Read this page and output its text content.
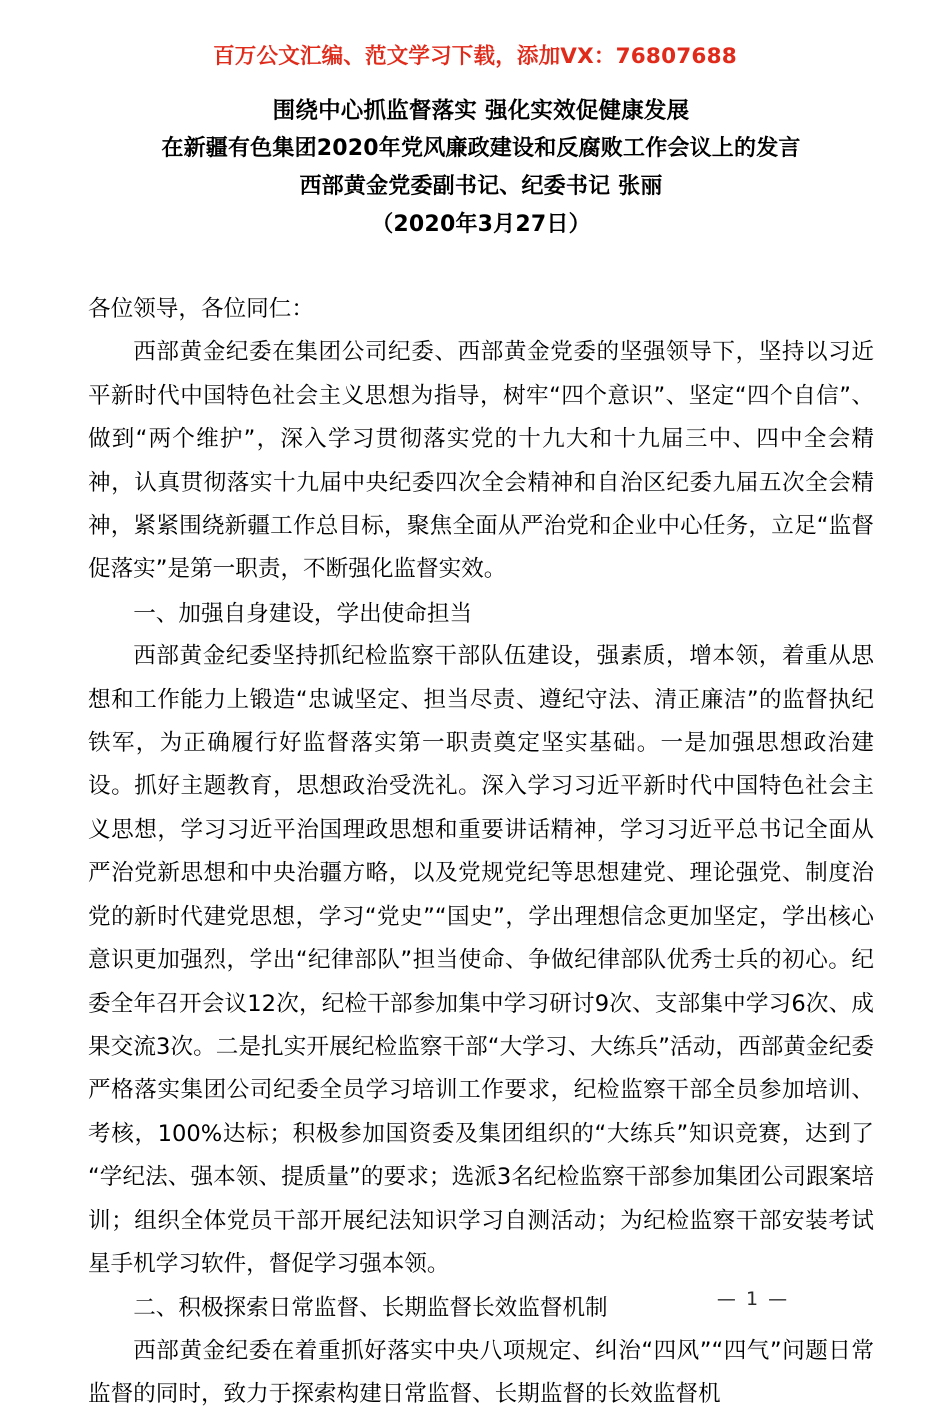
百万公文汇编、范文学习下载，添加VX：76807688
围绕中心抓监督落实 强化实效促健康发展
在新疆有色集团2020年党风廉政建设和反腐败工作会议上的发言
西部黄金党委副书记、纪委书记 张丽
（2020年3月27日）

各位领导，各位同仁：

西部黄金纪委在集团公司纪委、西部黄金党委的坚强领导下，坚持以习近平新时代中国特色社会主义思想为指导，树牢“四个意识”、坚定“四个自信”、做到“两个维护”，深入学习贯彻落实党的十九大和十九届三中、四中全会精神，认真贯彻落实十九届中央纪委四次全会精神和自治区纪委九届五次全会精神，紧紧围绕新疆工作总目标，聚焦全面从严治党和企业中心任务，立足“监督促落实”是第一职责，不断强化监督实效。

一、加强自身建设，学出使命担当

西部黄金纪委坚持抓纪检监察干部队伍建设，强素质，增本领，着重从思想和工作能力上锻造“忠诚坚定、担当尽责、遵纪守法、清正廉洁”的监督执纪铁军，为正确履行好监督落实第一职责奠定坚实基础。一是加强思想政治建设。抓好主题教育，思想政治受洗礼。深入学习习近平新时代中国特色社会主义思想，学习习近平治国理政思想和重要讲话精神，学习习近平总书记全面从严治党新思想和中央治疆方略，以及党规党纪等思想建党、理论强党、制度治党的新时代建党思想，学习“党史”“国史”，学出理想信念更加坚定，学出核心意识更加强烈，学出“纪律部队”担当使命、争做纪律部队优秀士兵的初心。纪委全年召开会议12次，纪检干部参加集中学习研讨9次、支部集中学习6次、成果交流3次。二是扎实开展纪检监察干部“大学习、大练兵”活动，西部黄金纪委严格落实集团公司纪委全员学习培训工作要求，纪检监察干部全员参加培训、考核，100%达标；积极参加国资委及集团组织的“大练兵”知识竞赛，达到了“学纪法、强本领、提质量”的要求；选派3名纪检监察干部参加集团公司跟案培训；组织全体党员干部开展纪法知识学习自测活动；为纪检监察干部安装考试星手机学习软件，督促学习强本领。

二、积极探索日常监督、长期监督长效监督机制

西部黄金纪委在着重抓好落实中央八项规定、纠治“四风”“四气”问题日常监督的同时，致力于探索构建日常监督、长期监督的长效监督机

— 1 —
